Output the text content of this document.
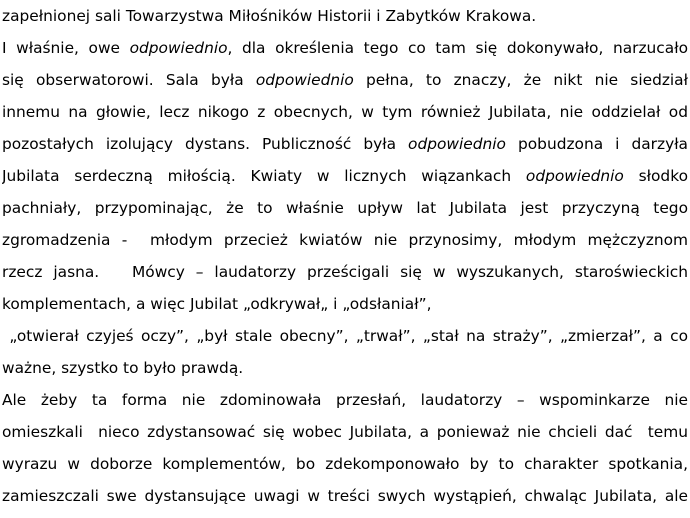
zapełnionej sali Towarzystwa Miłośników Historii i Zabytków Krakowa.
I właśnie, owe odpowiednio, dla określenia tego co tam się dokonywało, narzucało
się obserwatorowi. Sala była odpowiednio pełna, to znaczy, że nikt nie siedział
innemu na głowie, lecz nikogo z obecnych, w tym również Jubilata, nie oddzielał od
pozostałych izolujący dystans. Publiczność była odpowiednio pobudzona i darzyła
Jubilata serdeczną miłością. Kwiaty w licznych wiązankach odpowiednio słodko
pachniały, przypominając, że to właśnie upływ lat Jubilata jest przyczyną tego
zgromadzenia -  młodym przecież kwiatów nie przynosimy, młodym mężczyznom
rzecz jasna.   Mówcy – laudatorzy prześcigali się w wyszukanych, staroświeckich
komplementach, a więc Jubilat „odkrywał„ i „odsłaniał”,
„otwierał czyjeś oczy”, „był stale obecny”, „trwał”, „stał na straży”, „zmierzał”, a co
ważne, szystko to było prawdą.
Ale żeby ta forma nie zdominowała przesłań, laudatorzy – wspominkarze nie
omieszkali  nieco zdystansować się wobec Jubilata, a ponieważ nie chcieli dać  temu
wyrazu w doborze komplementów, bo zdekomponowało by to charakter spotkania,
zamieszczali swe dystansujące uwagi w treści swych wystąpień, chwaląc Jubilata, ale
